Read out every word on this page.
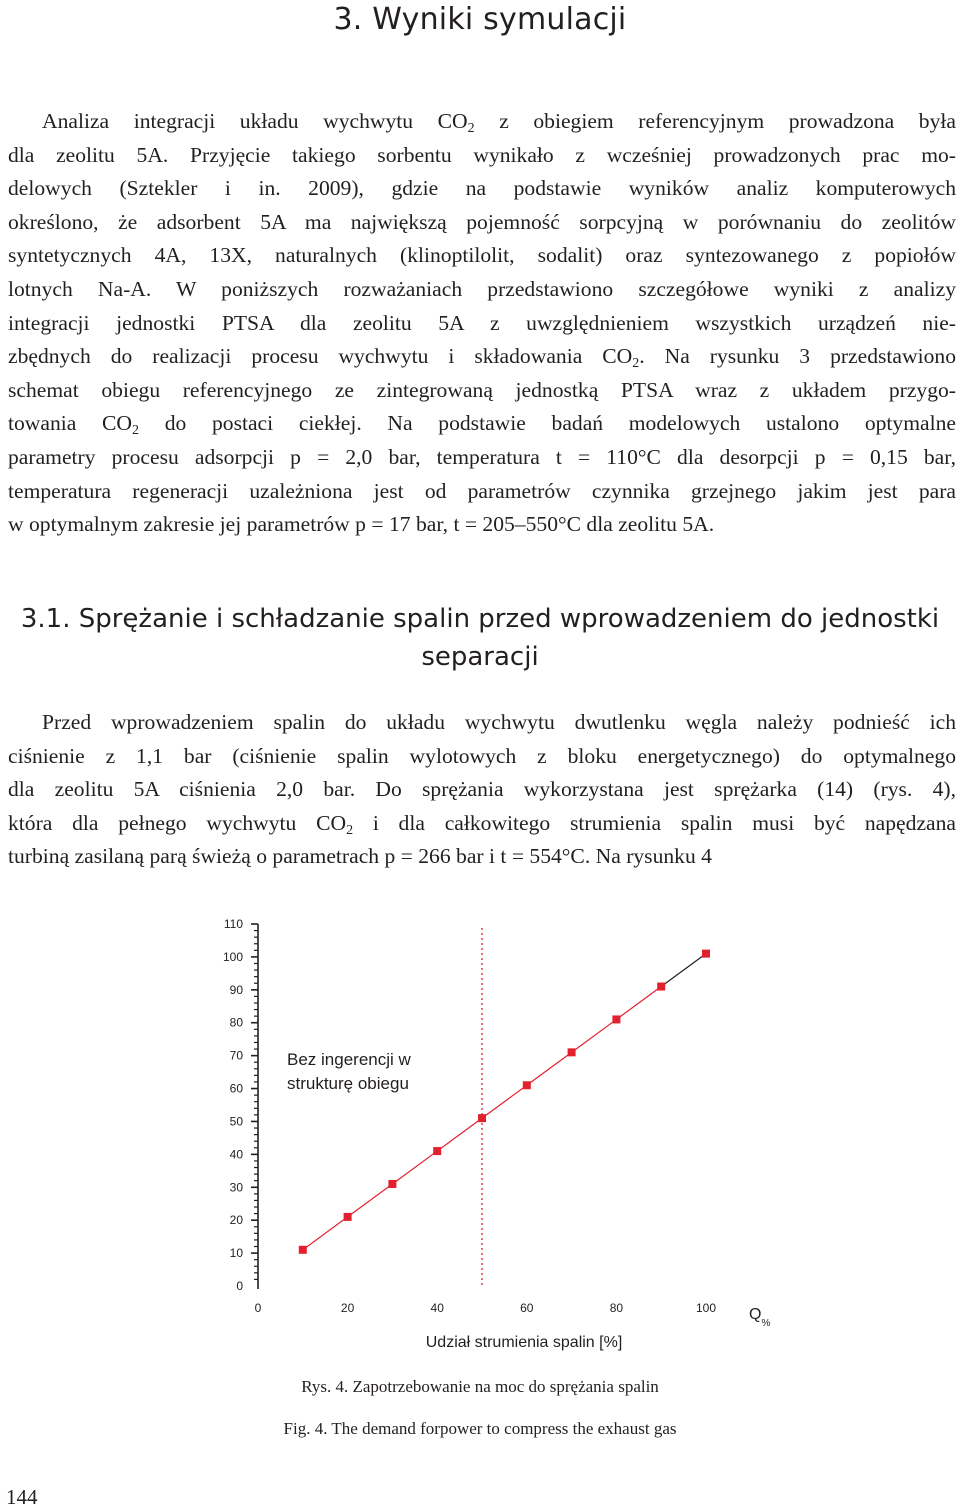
3. Wyniki symulacji

Analiza integracji układu wychwytu $CO_2$ z obiegiem referencyjnym prowadzona była
dla zeolitu 5A. Przyjęcie takiego sorbentu wynikało z wcześniej prowadzonych prac mo-
delowych (Sztekler i in. 2009), gdzie na podstawie wyników analiz komputerowych
określono, że adsorbent 5A ma największą pojemność sorpcyjną w porównaniu do zeolitów
syntetycznych 4A, 13X, naturalnych (klinoptilolit, sodalit) oraz syntezowanego z popiołów
lotnych Na-A. W poniższych rozważaniach przedstawiono szczegółowe wyniki z analizy
integracji jednostki PTSA dla zeolitu 5A z uwzględnieniem wszystkich urządzeń nie-
zbędnych do realizacji procesu wychwytu i składowania $CO_2$. Na rysunku 3 przedstawiono
schemat obiegu referencyjnego ze zintegrowaną jednostką PTSA wraz z układem przygo-
towania $CO_2$ do postaci ciekłej. Na podstawie badań modelowych ustalono optymalne
parametry procesu adsorpcji p = 2,0 bar, temperatura t = 110°C dla desorpcji p = 0,15 bar,
temperatura regeneracji uzależniona jest od parametrów czynnika grzejnego jakim jest para
w optymalnym zakresie jej parametrów p = 17 bar, t = 205–550°C dla zeolitu 5A.

3.1. Sprężanie i schładzanie spalin przed wprowadzeniem do jednostki
separacji

Przed wprowadzeniem spalin do układu wychwytu dwutlenku węgla należy podnieść ich
ciśnienie z 1,1 bar (ciśnienie spalin wylotowych z bloku energetycznego) do optymalnego
dla zeolitu 5A ciśnienia 2,0 bar. Do sprężania wykorzystana jest sprężarka (14) (rys. 4),
która dla pełnego wychwytu $CO_2$ i dla całkowitego strumienia spalin musi być napędzana
turbiną zasilaną parą świeżą o parametrach p = 266 bar i t = 554°C. Na rysunku 4

0
10
20
30
40
50
60
70
80
90
100
110
0	20	40	60	80	100
Udział strumienia spalin [%]
$Q_{\%}$
Bez ingerencji w
strukturę obiegu
Rys. 4. Zapotrzebowanie na moc do sprężania spalin
Fig. 4. The demand forpower to compress the exhaust gas
144
